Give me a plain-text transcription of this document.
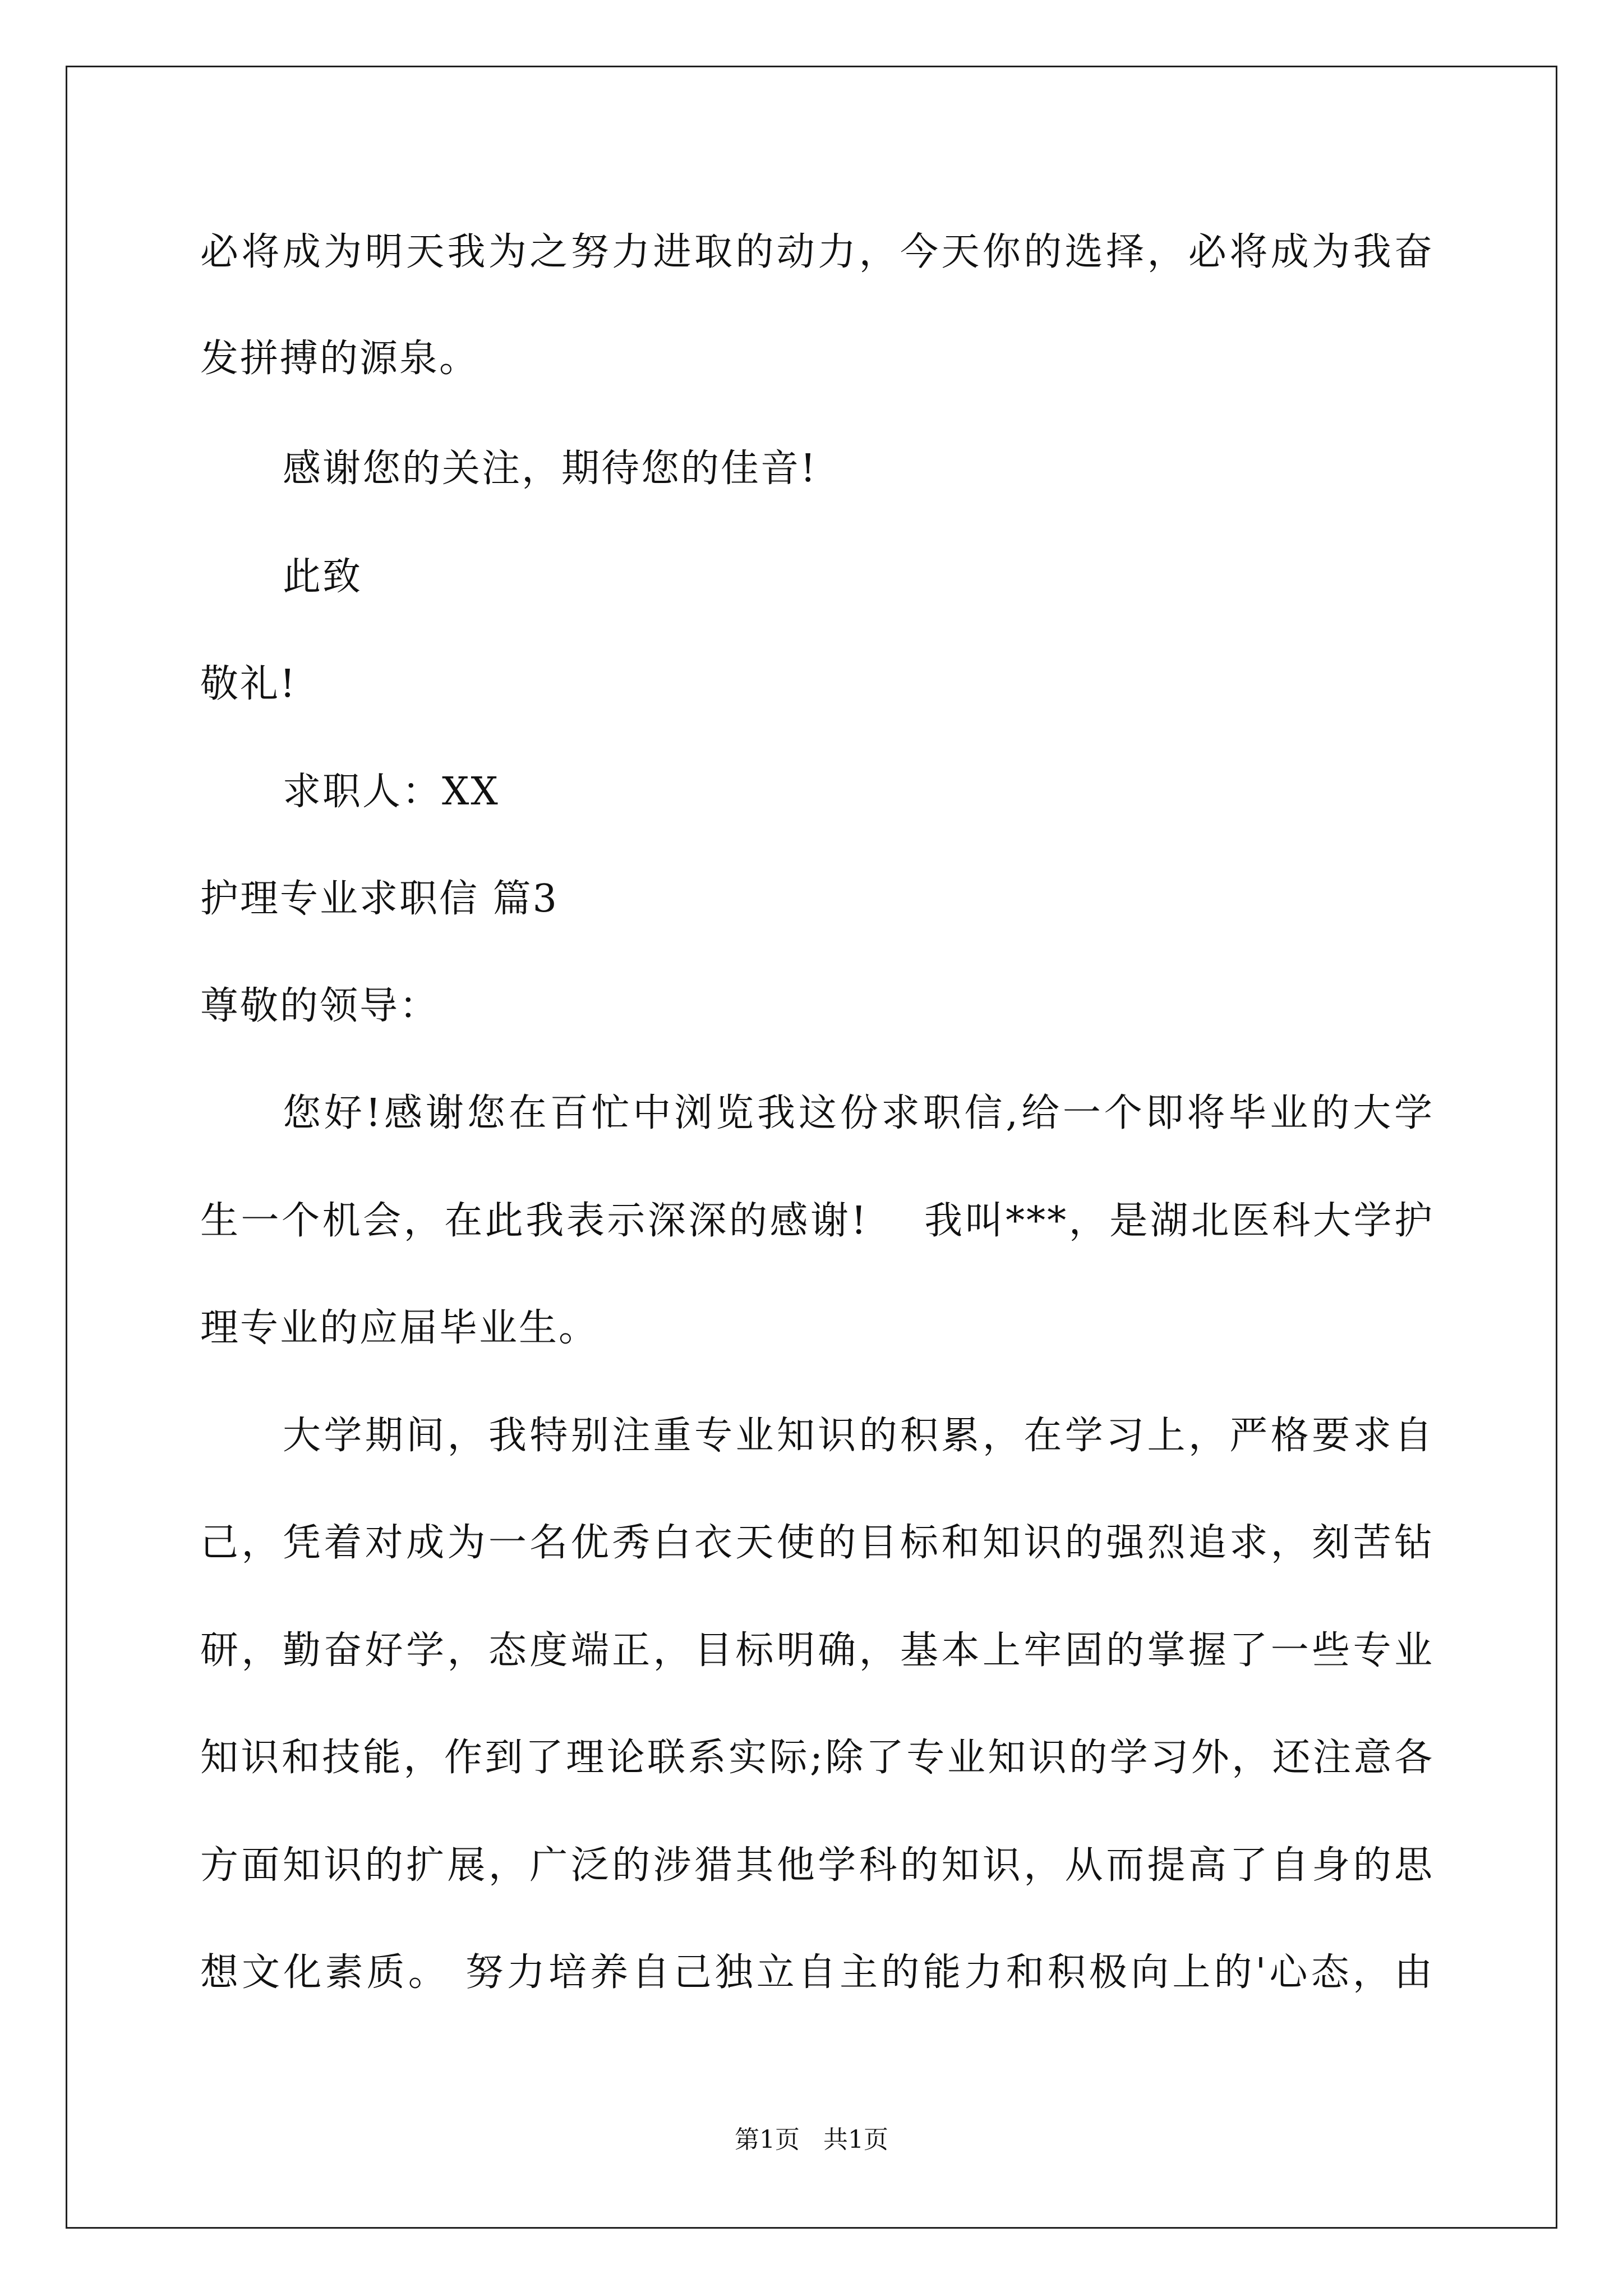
必将成为明天我为之努力进取的动力，今天你的选择，必将成为我奋
发拼搏的源泉。
感谢您的关注，期待您的佳音!
此致
敬礼!
求职人：XX
护理专业求职信 篇3
尊敬的领导：
您好!感谢您在百忙中浏览我这份求职信,给一个即将毕业的大学
生一个机会，在此我表示深深的感谢!　 我叫***，是湖北医科大学护
理专业的应届毕业生。
大学期间，我特别注重专业知识的积累，在学习上，严格要求自
己，凭着对成为一名优秀白衣天使的目标和知识的强烈追求，刻苦钻
研，勤奋好学，态度端正，目标明确，基本上牢固的掌握了一些专业
知识和技能，作到了理论联系实际;除了专业知识的学习外，还注意各
方面知识的扩展，广泛的涉猎其他学科的知识，从而提高了自身的思
想文化素质。 努力培养自己独立自主的能力和积极向上的'心态，由
第1页 共1页
